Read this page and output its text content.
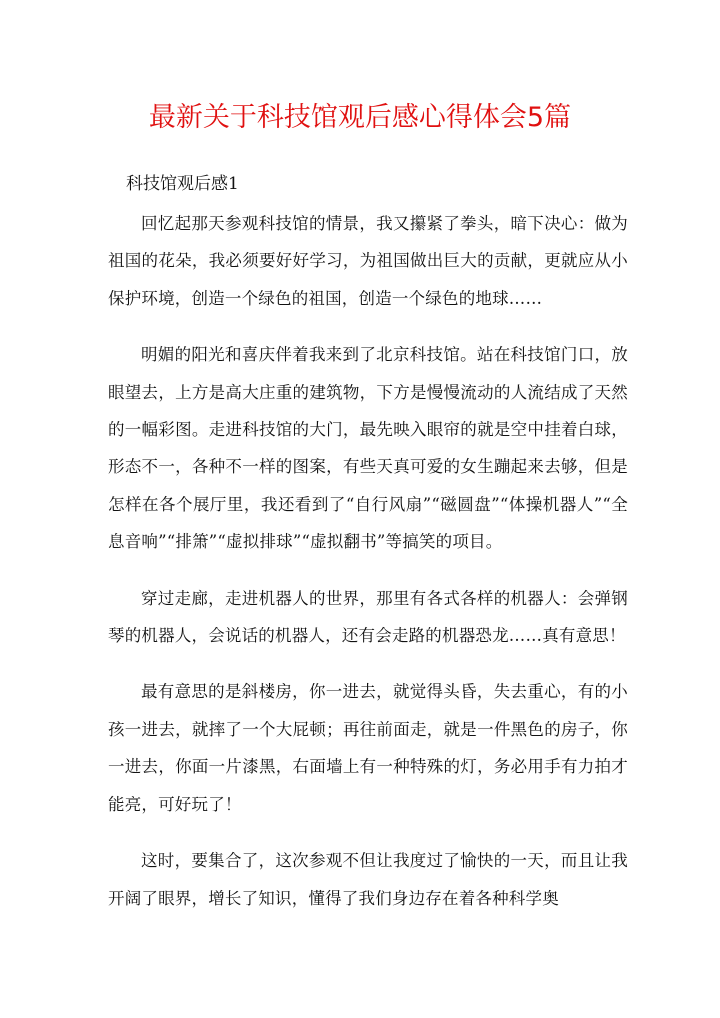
最新关于科技馆观后感心得体会5篇
科技馆观后感1

回忆起那天参观科技馆的情景，我又攥紧了拳头，暗下决心：做为祖国的花朵，我必须要好好学习，为祖国做出巨大的贡献，更就应从小保护环境，创造一个绿色的祖国，创造一个绿色的地球……

明媚的阳光和喜庆伴着我来到了北京科技馆。站在科技馆门口，放眼望去，上方是高大庄重的建筑物，下方是慢慢流动的人流结成了天然的一幅彩图。走进科技馆的大门，最先映入眼帘的就是空中挂着白球，形态不一，各种不一样的图案，有些天真可爱的女生蹦起来去够，但是怎样在各个展厅里，我还看到了“自行风扇”“磁圆盘”“体操机器人”“全息音响”“排箫”“虚拟排球”“虚拟翻书”等搞笑的项目。

穿过走廊，走进机器人的世界，那里有各式各样的机器人：会弹钢琴的机器人，会说话的机器人，还有会走路的机器恐龙……真有意思！

最有意思的是斜楼房，你一进去，就觉得头昏，失去重心，有的小孩一进去，就摔了一个大屁顿；再往前面走，就是一件黑色的房子，你一进去，你面一片漆黑，右面墙上有一种特殊的灯，务必用手有力拍才能亮，可好玩了！

这时，要集合了，这次参观不但让我度过了愉快的一天，而且让我开阔了眼界，增长了知识，懂得了我们身边存在着各种科学奥
